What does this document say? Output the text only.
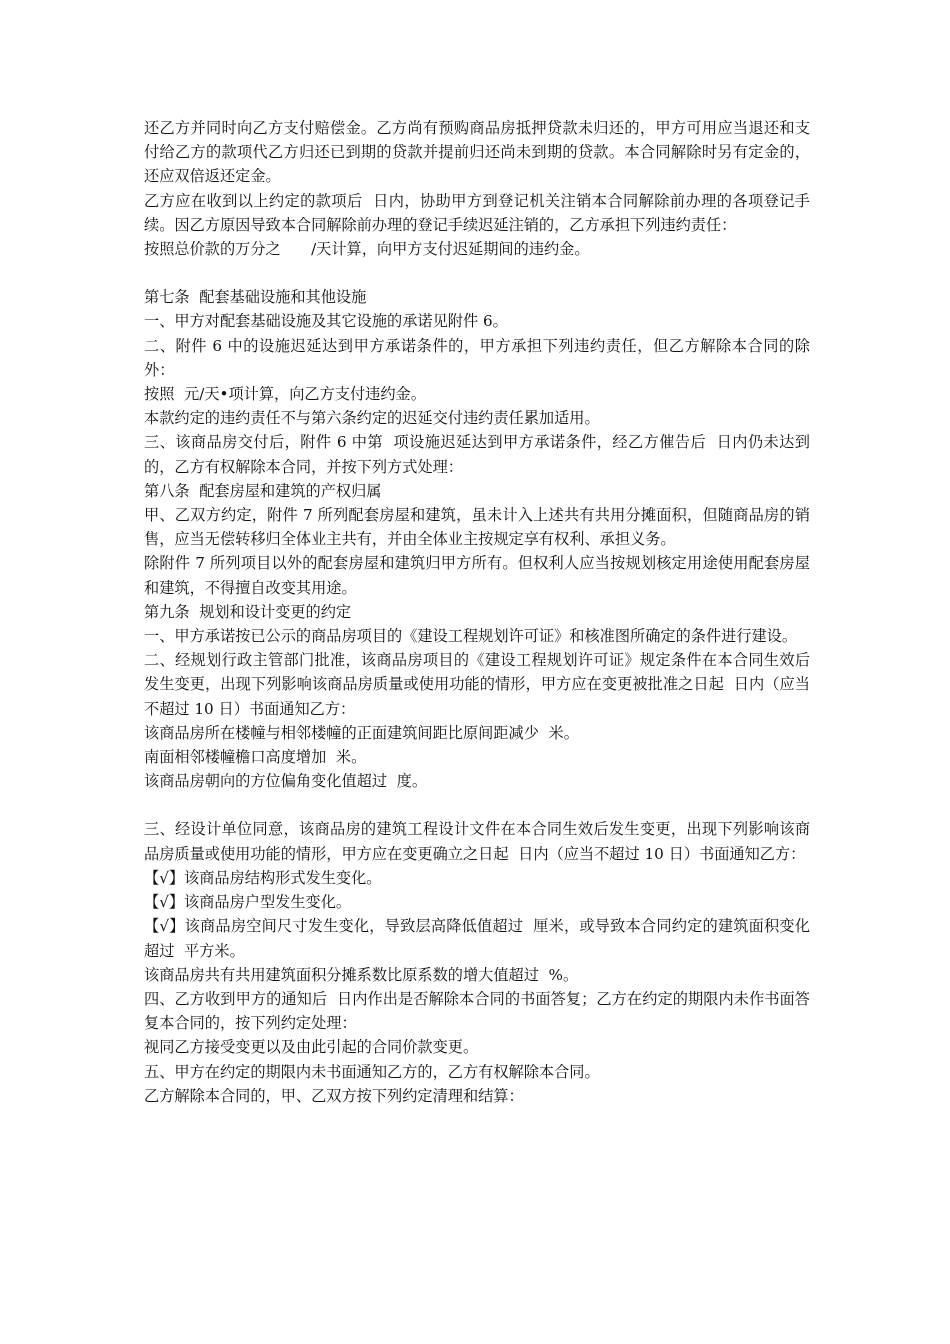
还乙方并同时向乙方支付赔偿金。乙方尚有预购商品房抵押贷款未归还的，甲方可用应当退还和支付给乙方的款项代乙方归还已到期的贷款并提前归还尚未到期的贷款。本合同解除时另有定金的，还应双倍返还定金。

乙方应在收到以上约定的款项后  日内，协助甲方到登记机关注销本合同解除前办理的各项登记手续。因乙方原因导致本合同解除前办理的登记手续迟延注销的，乙方承担下列违约责任：

按照总价款的万分之　　/天计算，向甲方支付迟延期间的违约金。

第七条  配套基础设施和其他设施

一、甲方对配套基础设施及其它设施的承诺见附件 6。

二、附件 6 中的设施迟延达到甲方承诺条件的，甲方承担下列违约责任，但乙方解除本合同的除外：

按照  元/天•项计算，向乙方支付违约金。

本款约定的违约责任不与第六条约定的迟延交付违约责任累加适用。

三、该商品房交付后，附件 6 中第  项设施迟延达到甲方承诺条件，经乙方催告后  日内仍未达到的，乙方有权解除本合同，并按下列方式处理：

第八条  配套房屋和建筑的产权归属

甲、乙双方约定，附件 7 所列配套房屋和建筑，虽未计入上述共有共用分摊面积，但随商品房的销售，应当无偿转移归全体业主共有，并由全体业主按规定享有权利、承担义务。

除附件 7 所列项目以外的配套房屋和建筑归甲方所有。但权利人应当按规划核定用途使用配套房屋和建筑，不得擅自改变其用途。

第九条  规划和设计变更的约定

一、甲方承诺按已公示的商品房项目的《建设工程规划许可证》和核准图所确定的条件进行建设。

二、经规划行政主管部门批准，该商品房项目的《建设工程规划许可证》规定条件在本合同生效后发生变更，出现下列影响该商品房质量或使用功能的情形，甲方应在变更被批准之日起  日内（应当不超过 10 日）书面通知乙方：

该商品房所在楼幢与相邻楼幢的正面建筑间距比原间距减少  米。

南面相邻楼幢檐口高度增加  米。

该商品房朝向的方位偏角变化值超过  度。

三、经设计单位同意，该商品房的建筑工程设计文件在本合同生效后发生变更，出现下列影响该商品房质量或使用功能的情形，甲方应在变更确立之日起  日内（应当不超过 10 日）书面通知乙方：

【√】该商品房结构形式发生变化。

【√】该商品房户型发生变化。

【√】该商品房空间尺寸发生变化，导致层高降低值超过  厘米，或导致本合同约定的建筑面积变化超过  平方米。

该商品房共有共用建筑面积分摊系数比原系数的增大值超过  %。

四、乙方收到甲方的通知后  日内作出是否解除本合同的书面答复；乙方在约定的期限内未作书面答复本合同的，按下列约定处理：

视同乙方接受变更以及由此引起的合同价款变更。

五、甲方在约定的期限内未书面通知乙方的，乙方有权解除本合同。

乙方解除本合同的，甲、乙双方按下列约定清理和结算：
